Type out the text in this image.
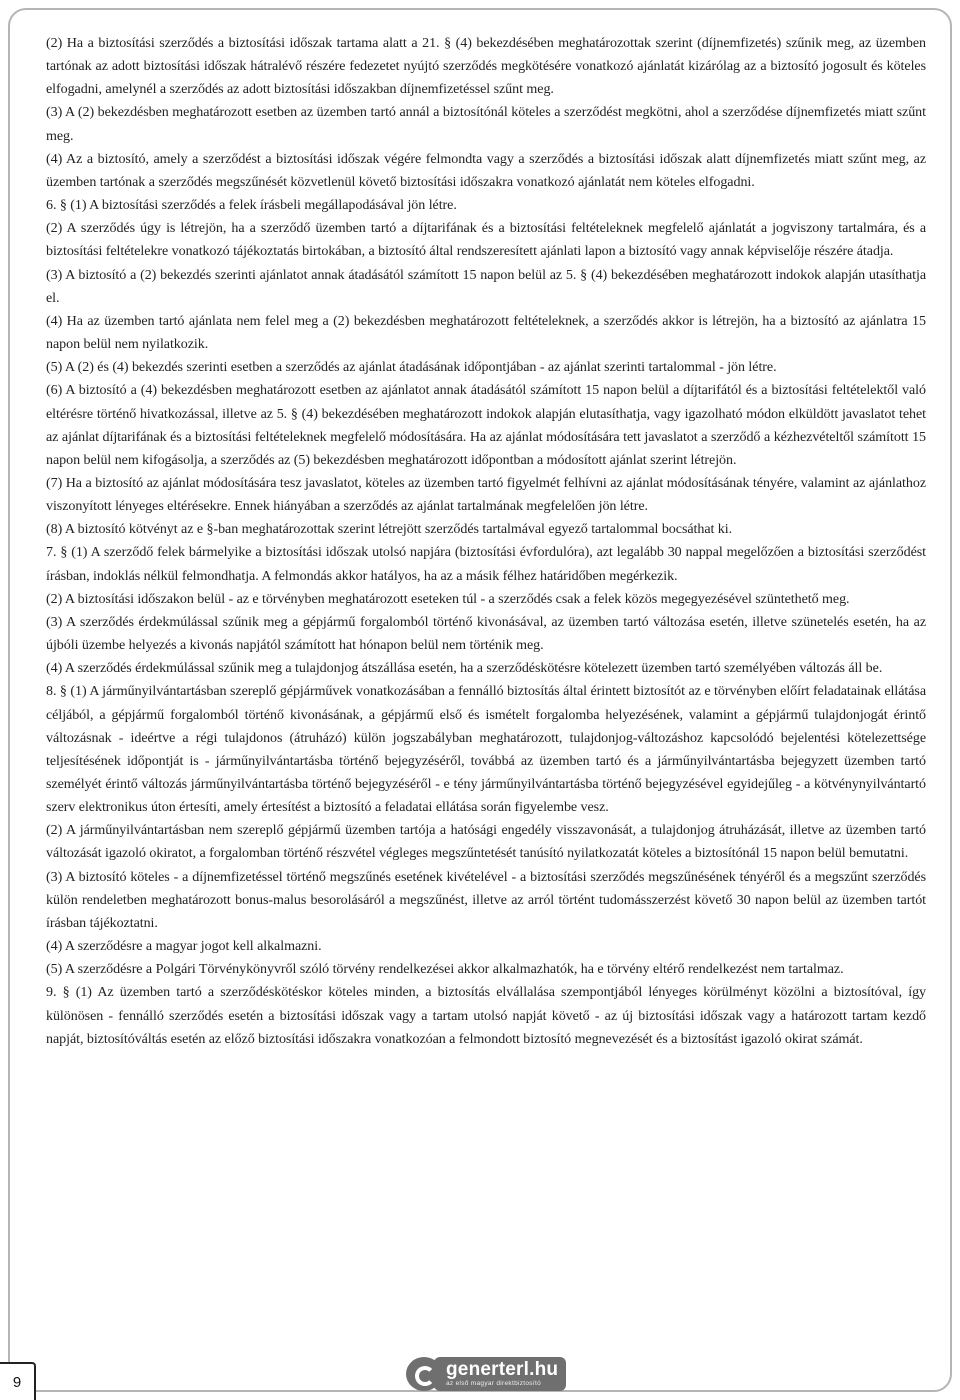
(2) Ha a biztosítási szerződés a biztosítási időszak tartama alatt a 21. § (4) bekezdésében meghatározottak szerint (díjnemfizetés) szűnik meg, az üzemben tartónak az adott biztosítási időszak hátralévő részére fedezetet nyújtó szerződés megkötésére vonatkozó ajánlatát kizárólag az a biztosító jogosult és köteles elfogadni, amelynél a szerződés az adott biztosítási időszakban díjnemfizetéssel szűnt meg.

(3) A (2) bekezdésben meghatározott esetben az üzemben tartó annál a biztosítónál köteles a szerződést megkötni, ahol a szerződése díjnemfizetés miatt szűnt meg.

(4) Az a biztosító, amely a szerződést a biztosítási időszak végére felmondta vagy a szerződés a biztosítási időszak alatt díjnemfizetés miatt szűnt meg, az üzemben tartónak a szerződés megszűnését közvetlenül követő biztosítási időszakra vonatkozó ajánlatát nem köteles elfogadni.

6. § (1) A biztosítási szerződés a felek írásbeli megállapodásával jön létre.

(2) A szerződés úgy is létrejön, ha a szerződő üzemben tartó a díjtarifának és a biztosítási feltételeknek megfelelő ajánlatát a jogviszony tartalmára, és a biztosítási feltételekre vonatkozó tájékoztatás birtokában, a biztosító által rendszeresített ajánlati lapon a biztosító vagy annak képviselője részére átadja.

(3) A biztosító a (2) bekezdés szerinti ajánlatot annak átadásától számított 15 napon belül az 5. § (4) bekezdésében meghatározott indokok alapján utasíthatja el.

(4) Ha az üzemben tartó ajánlata nem felel meg a (2) bekezdésben meghatározott feltételeknek, a szerződés akkor is létrejön, ha a biztosító az ajánlatra 15 napon belül nem nyilatkozik.

(5) A (2) és (4) bekezdés szerinti esetben a szerződés az ajánlat átadásának időpontjában - az ajánlat szerinti tartalommal - jön létre.

(6) A biztosító a (4) bekezdésben meghatározott esetben az ajánlatot annak átadásától számított 15 napon belül a díjtarifától és a biztosítási feltételektől való eltérésre történő hivatkozással, illetve az 5. § (4) bekezdésében meghatározott indokok alapján elutasíthatja, vagy igazolható módon elküldött javaslatot tehet az ajánlat díjtarifának és a biztosítási feltételeknek megfelelő módosítására. Ha az ajánlat módosítására tett javaslatot a szerződő a kézhezvételtől számított 15 napon belül nem kifogásolja, a szerződés az (5) bekezdésben meghatározott időpontban a módosított ajánlat szerint létrejön.

(7) Ha a biztosító az ajánlat módosítására tesz javaslatot, köteles az üzemben tartó figyelmét felhívni az ajánlat módosításának tényére, valamint az ajánlathoz viszonyított lényeges eltérésekre. Ennek hiányában a szerződés az ajánlat tartalmának megfelelően jön létre.

(8) A biztosító kötvényt az e §-ban meghatározottak szerint létrejött szerződés tartalmával egyező tartalommal bocsáthat ki.

7. § (1) A szerződő felek bármelyike a biztosítási időszak utolsó napjára (biztosítási évfordulóra), azt legalább 30 nappal megelőzően a biztosítási szerződést írásban, indoklás nélkül felmondhatja. A felmondás akkor hatályos, ha az a másik félhez határidőben megérkezik.

(2) A biztosítási időszakon belül - az e törvényben meghatározott eseteken túl - a szerződés csak a felek közös megegyezésével szüntethető meg.

(3) A szerződés érdekmúlással szűnik meg a gépjármű forgalomból történő kivonásával, az üzemben tartó változása esetén, illetve szünetelés esetén, ha az újbóli üzembe helyezés a kivonás napjától számított hat hónapon belül nem történik meg.

(4) A szerződés érdekmúlással szűnik meg a tulajdonjog átszállása esetén, ha a szerződéskötésre kötelezett üzemben tartó személyében változás áll be.

8. § (1) A járműnyilvántartásban szereplő gépjárművek vonatkozásában a fennálló biztosítás által érintett biztosítót az e törvényben előírt feladatainak ellátása céljából, a gépjármű forgalomból történő kivonásának, a gépjármű első és ismételt forgalomba helyezésének, valamint a gépjármű tulajdonjogát érintő változásnak - ideértve a régi tulajdonos (átruházó) külön jogszabályban meghatározott, tulajdonjog-változáshoz kapcsolódó bejelentési kötelezettsége teljesítésének időpontját is - járműnyilvántartásba történő bejegyzéséről, továbbá az üzemben tartó és a járműnyilvántartásba bejegyzett üzemben tartó személyét érintő változás járműnyilvántartásba történő bejegyzéséről - e tény járműnyilvántartásba történő bejegyzésével egyidejűleg - a kötvénynyilvántartó szerv elektronikus úton értesíti, amely értesítést a biztosító a feladatai ellátása során figyelembe vesz.

(2) A járműnyilvántartásban nem szereplő gépjármű üzemben tartója a hatósági engedély visszavonását, a tulajdonjog átruházását, illetve az üzemben tartó változását igazoló okiratot, a forgalomban történő részvétel végleges megszűntetését tanúsító nyilatkozatát köteles a biztosítónál 15 napon belül bemutatni.

(3) A biztosító köteles - a díjnemfizetéssel történő megszűnés esetének kivételével - a biztosítási szerződés megszűnésének tényéről és a megszűnt szerződés külön rendeletben meghatározott bonus-malus besorolásáról a megszűnést, illetve az arról történt tudomásszerzést követő 30 napon belül az üzemben tartót írásban tájékoztatni.

(4) A szerződésre a magyar jogot kell alkalmazni.

(5) A szerződésre a Polgári Törvénykönyvről szóló törvény rendelkezései akkor alkalmazhatók, ha e törvény eltérő rendelkezést nem tartalmaz.

9. § (1) Az üzemben tartó a szerződéskötéskor köteles minden, a biztosítás elvállalása szempontjából lényeges körülményt közölni a biztosítóval, így különösen - fennálló szerződés esetén a biztosítási időszak vagy a tartam utolsó napját követő - az új biztosítási időszak vagy a határozott tartam kezdő napját, biztosítóváltás esetén az előző biztosítási időszakra vonatkozóan a felmondott biztosító megnevezését és a biztosítást igazoló okirat számát.

9
generterl.hu
az első magyar direktbiztosító
